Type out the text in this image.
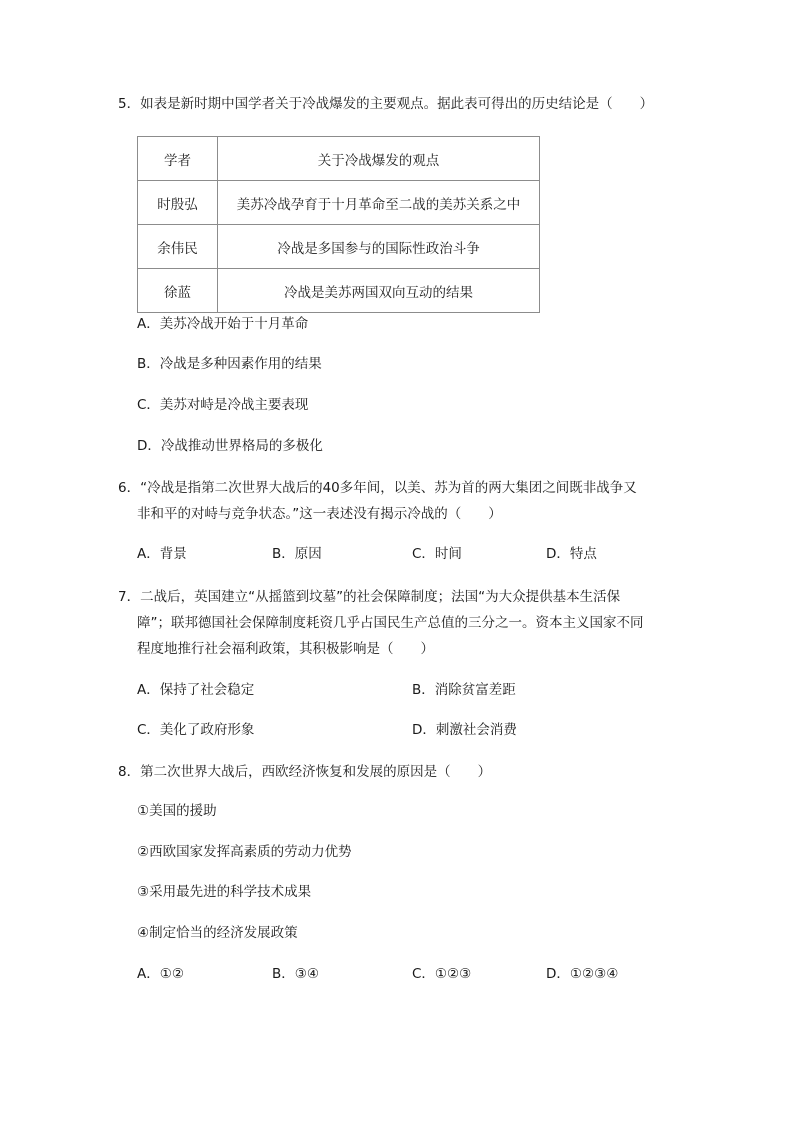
5．如表是新时期中国学者关于冷战爆发的主要观点。据此表可得出的历史结论是（　　）
学者	关于冷战爆发的观点
时殷弘	美苏冷战孕育于十月革命至二战的美苏关系之中
余伟民	冷战是多国参与的国际性政治斗争
徐蓝	冷战是美苏两国双向互动的结果
A．美苏冷战开始于十月革命
B．冷战是多种因素作用的结果
C．美苏对峙是冷战主要表现
D．冷战推动世界格局的多极化
6．“冷战是指第二次世界大战后的40多年间，以美、苏为首的两大集团之间既非战争又
非和平的对峙与竞争状态。”这一表述没有揭示冷战的（　　）
A．背景	B．原因	C．时间	D．特点
7．二战后，英国建立“从摇篮到坟墓”的社会保障制度；法国“为大众提供基本生活保
障”；联邦德国社会保障制度耗资几乎占国民生产总值的三分之一。资本主义国家不同
程度地推行社会福利政策，其积极影响是（　　）
A．保持了社会稳定	B．消除贫富差距
C．美化了政府形象	D．刺激社会消费
8．第二次世界大战后，西欧经济恢复和发展的原因是（　　）
①美国的援助
②西欧国家发挥高素质的劳动力优势
③采用最先进的科学技术成果
④制定恰当的经济发展政策
A．①②	B．③④	C．①②③	D．①②③④
